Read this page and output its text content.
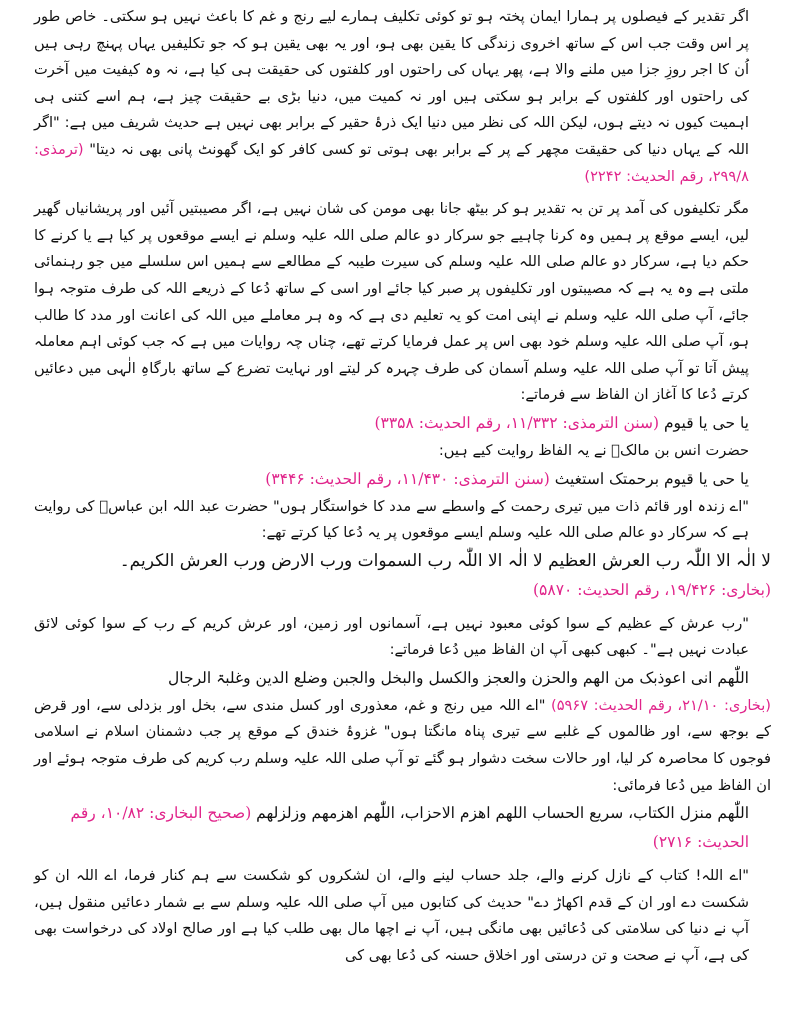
اگر تقدیر کے فیصلوں پر ہمارا ایمان پختہ ہو تو کوئی تکلیف ہمارے لیے رنج و غم کا باعث نہیں ہو سکتی۔ خاص طور پر اس وقت جب اس کے ساتھ اخروی زندگی کا یقین بھی ہو، اور یہ بھی یقین ہو کہ جو تکلیفیں یہاں پہنچ رہی ہیں اُن کا اجر روزِ جزا میں ملنے والا ہے، پھر یہاں کی راحتوں اور کلفتوں کی حقیقت ہی کیا ہے، نہ وہ کیفیت میں آخرت کی راحتوں اور کلفتوں کے برابر ہو سکتی ہیں اور نہ کمیت میں، دنیا بڑی بے حقیقت چیز ہے، ہم اسے کتنی ہی اہمیت کیوں نہ دیتے ہوں، لیکن اللہ کی نظر میں دنیا ایک ذرۂ حقیر کے برابر بھی نہیں ہے حدیث شریف میں ہے: "اگر اللہ کے یہاں دنیا کی حقیقت مچھر کے پر کے برابر بھی ہوتی تو کسی کافر کو ایک گھونٹ پانی بھی نہ دیتا" (ترمذی: ۲۹۹/۸، رقم الحدیث: ۲۲۴۲)

مگر تکلیفوں کی آمد پر تن بہ تقدیر ہو کر بیٹھ جانا بھی مومن کی شان نہیں ہے، اگر مصیبتیں آئیں اور پریشانیاں گھیر لیں، ایسے موقع پر ہمیں وہ کرنا چاہیے جو سرکار دو عالم صلی اللہ علیہ وسلم نے ایسے موقعوں پر کیا ہے یا کرنے کا حکم دیا ہے، سرکار دو عالم صلی اللہ علیہ وسلم کی سیرت طیبہ کے مطالعے سے ہمیں اس سلسلے میں جو رہنمائی ملتی ہے وہ یہ ہے کہ مصیبتوں اور تکلیفوں پر صبر کیا جائے اور اسی کے ساتھ دُعا کے ذریعے اللہ کی طرف متوجہ ہوا جائے، آپ صلی اللہ علیہ وسلم نے اپنی امت کو یہ تعلیم دی ہے کہ وہ ہر معاملے میں اللہ کی اعانت اور مدد کا طالب ہو، آپ صلی اللہ علیہ وسلم خود بھی اس پر عمل فرمایا کرتے تھے، چناں چہ روایات میں ہے کہ جب کوئی اہم معاملہ پیش آتا تو آپ صلی اللہ علیہ وسلم آسمان کی طرف چہرہ کر لیتے اور نہایت تضرع کے ساتھ بارگاہِ الٰہی میں دعائیں کرتے دُعا کا آغاز ان الفاظ سے فرماتے:

یا حی یا قیوم (سنن الترمذی: ۱۱/۳۳۲، رقم الحدیث: ۳۳۵۸)

حضرت انس بن مالکؓ نے یہ الفاظ روایت کیے ہیں:

یا حی یا قیوم برحمتک استغیث (سنن الترمذی: ۱۱/۴۳۰، رقم الحدیث: ۳۴۴۶)

"اے زندہ اور قائم ذات میں تیری رحمت کے واسطے سے مدد کا خواستگار ہوں" حضرت عبد اللہ ابن عباسؓ کی روایت ہے کہ سرکار دو عالم صلی اللہ علیہ وسلم ایسے موقعوں پر یہ دُعا کیا کرتے تھے:

لا الٰہ الا اللّٰہ رب العرش العظیم لا الٰہ الا اللّٰہ رب السموات ورب الارض ورب العرش الکریم۔

(بخاری: ۱۹/۴۲۶، رقم الحدیث: ۵۸۷۰)

"رب عرش کے عظیم کے سوا کوئی معبود نہیں ہے، آسمانوں اور زمین، اور عرش کریم کے رب کے سوا کوئی لائق عبادت نہیں ہے"۔ کبھی کبھی آپ ان الفاظ میں دُعا فرماتے:

اللّٰھم انی اعوذبک من الھم والحزن والعجز والکسل والبخل والجبن وضلع الدین وغلبۃ الرجال

(بخاری: ۲۱/۱۰، رقم الحدیث: ۵۹۶۷) "اے اللہ میں رنج و غم، معذوری اور کسل مندی سے، بخل اور بزدلی سے، اور قرض کے بوجھ سے، اور ظالموں کے غلبے سے تیری پناہ مانگتا ہوں" غزوۂ خندق کے موقع پر جب دشمنان اسلام نے اسلامی فوجوں کا محاصرہ کر لیا، اور حالات سخت دشوار ہو گئے تو آپ صلی اللہ علیہ وسلم رب کریم کی طرف متوجہ ہوئے اور ان الفاظ میں دُعا فرمائی:

اللّٰھم منزل الکتاب، سریع الحساب اللھم اھزم الاحزاب، اللّٰھم اھزمھم وزلزلھم (صحیح البخاری: ۱۰/۸۲، رقم الحدیث: ۲۷۱۶)

"اے اللہ! کتاب کے نازل کرنے والے، جلد حساب لینے والے، ان لشکروں کو شکست سے ہم کنار فرما، اے اللہ ان کو شکست دے اور ان کے قدم اکھاڑ دے" حدیث کی کتابوں میں آپ صلی اللہ علیہ وسلم سے بے شمار دعائیں منقول ہیں، آپ نے دنیا کی سلامتی کی دُعائیں بھی مانگی ہیں، آپ نے اچھا مال بھی طلب کیا ہے اور صالح اولاد کی درخواست بھی کی ہے، آپ نے صحت و تن درستی اور اخلاق حسنہ کی دُعا بھی کی
